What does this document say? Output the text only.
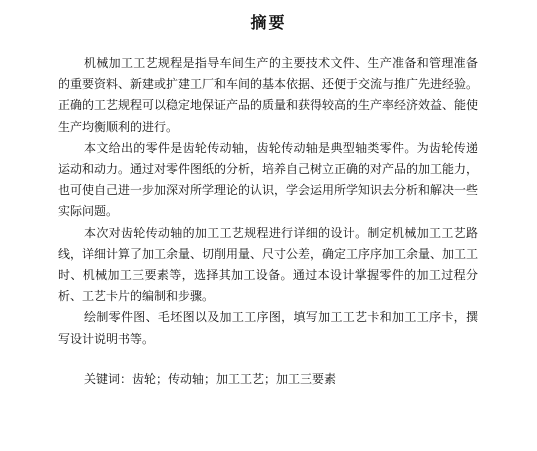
摘要

机械加工工艺规程是指导车间生产的主要技术文件、生产准备和管理准备的重要资料、新建或扩建工厂和车间的基本依据、还便于交流与推广先进经验。正确的工艺规程可以稳定地保证产品的质量和获得较高的生产率经济效益、能使生产均衡顺利的进行。

本文给出的零件是齿轮传动轴，齿轮传动轴是典型轴类零件。为齿轮传递运动和动力。通过对零件图纸的分析，培养自己树立正确的对产品的加工能力，也可使自己进一步加深对所学理论的认识，学会运用所学知识去分析和解决一些实际问题。

本次对齿轮传动轴的加工工艺规程进行详细的设计。制定机械加工工艺路线，详细计算了加工余量、切削用量、尺寸公差，确定工序序加工余量、加工工时、机械加工三要素等，选择其加工设备。通过本设计掌握零件的加工过程分析、工艺卡片的编制和步骤。

绘制零件图、毛坯图以及加工工序图，填写加工工艺卡和加工工序卡，撰写设计说明书等。

关键词：齿轮；传动轴；加工工艺；加工三要素
